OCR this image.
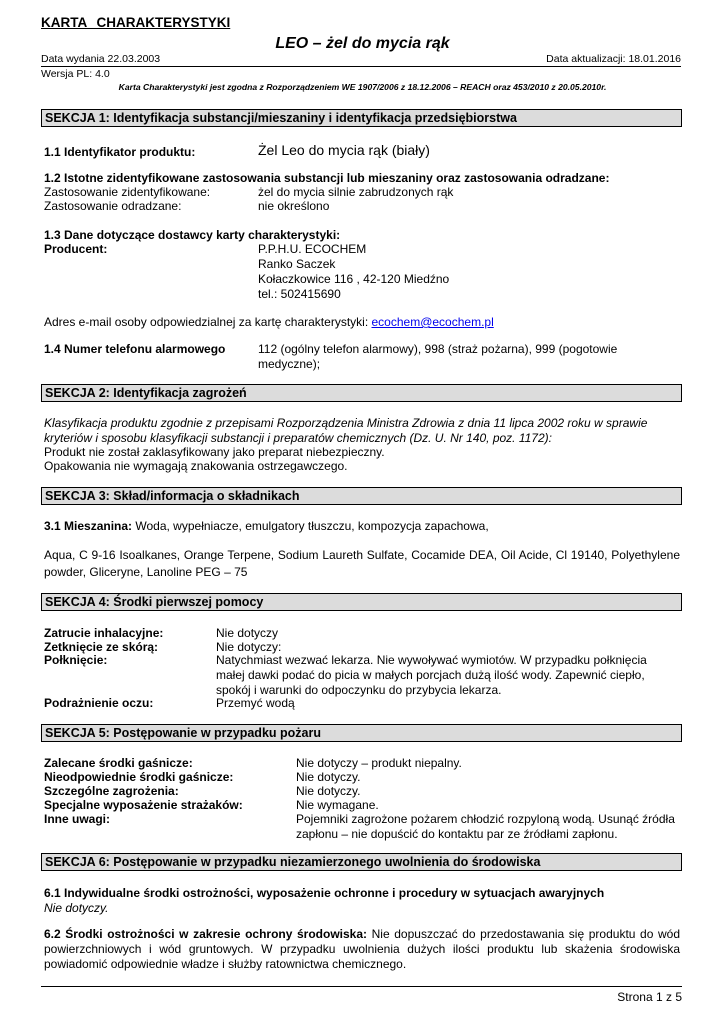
KARTA CHARAKTERYSTYKI
LEO – żel do mycia rąk
Data wydania 22.03.2003	Data aktualizacji: 18.01.2016
Wersja PL: 4.0
Karta Charakterystyki jest zgodna z Rozporządzeniem WE 1907/2006 z 18.12.2006 – REACH oraz 453/2010 z 20.05.2010r.
SEKCJA 1: Identyfikacja substancji/mieszaniny i identyfikacja przedsiębiorstwa
1.1 Identyfikator produktu:	Żel Leo do mycia rąk (biały)
1.2 Istotne zidentyfikowane zastosowania substancji lub mieszaniny oraz zastosowania odradzane:
Zastosowanie zidentyfikowane:	żel do mycia silnie zabrudzonych rąk
Zastosowanie odradzane:	nie określono
1.3 Dane dotyczące dostawcy karty charakterystyki:
Producent:	P.P.H.U. ECOCHEM
Ranko Saczek
Kołaczkowice 116 , 42-120 Miedźno
tel.: 502415690
Adres e-mail osoby odpowiedzialnej za kartę charakterystyki: ecochem@ecochem.pl
1.4 Numer telefonu alarmowego	112 (ogólny telefon alarmowy), 998 (straż pożarna), 999 (pogotowie medyczne);
SEKCJA 2: Identyfikacja zagrożeń
Klasyfikacja produktu zgodnie z przepisami Rozporządzenia Ministra Zdrowia z dnia 11 lipca 2002 roku w sprawie kryteriów i sposobu klasyfikacji substancji i preparatów chemicznych (Dz. U. Nr 140, poz. 1172):
Produkt nie został zaklasyfikowany jako preparat niebezpieczny.
Opakowania nie wymagają znakowania ostrzegawczego.
SEKCJA 3: Skład/informacja o składnikach
3.1 Mieszanina: Woda, wypełniacze, emulgatory tłuszczu, kompozycja zapachowa,
Aqua, C 9-16 Isoalkanes, Orange Terpene, Sodium Laureth Sulfate, Cocamide DEA, Oil Acide, Cl 19140, Polyethylene powder, Gliceryne, Lanoline PEG – 75
SEKCJA 4: Środki pierwszej pomocy
Zatrucie inhalacyjne:	Nie dotyczy
Zetknięcie ze skórą:	Nie dotyczy:
Połknięcie:	Natychmiast wezwać lekarza. Nie wywoływać wymiotów. W przypadku połknięcia małej dawki podać do picia w małych porcjach dużą ilość wody. Zapewnić ciepło, spokój i warunki do odpoczynku do przybycia lekarza.
Podrażnienie oczu:	Przemyć wodą
SEKCJA 5: Postępowanie w przypadku pożaru
Zalecane środki gaśnicze:	Nie dotyczy – produkt niepalny.
Nieodpowiednie środki gaśnicze:	Nie dotyczy.
Szczególne zagrożenia:	Nie dotyczy.
Specjalne wyposażenie strażaków:	Nie wymagane.
Inne uwagi:	Pojemniki zagrożone pożarem chłodzić rozpyloną wodą. Usunąć źródła zapłonu – nie dopuścić do kontaktu par ze źródłami zapłonu.
SEKCJA 6: Postępowanie w przypadku niezamierzonego uwolnienia do środowiska
6.1 Indywidualne środki ostrożności, wyposażenie ochronne i procedury w sytuacjach awaryjnych
Nie dotyczy.
6.2 Środki ostrożności w zakresie ochrony środowiska: Nie dopuszczać do przedostawania się produktu do wód powierzchniowych i wód gruntowych. W przypadku uwolnienia dużych ilości produktu lub skażenia środowiska powiadomić odpowiednie władze i służby ratownictwa chemicznego.
Strona 1 z 5
